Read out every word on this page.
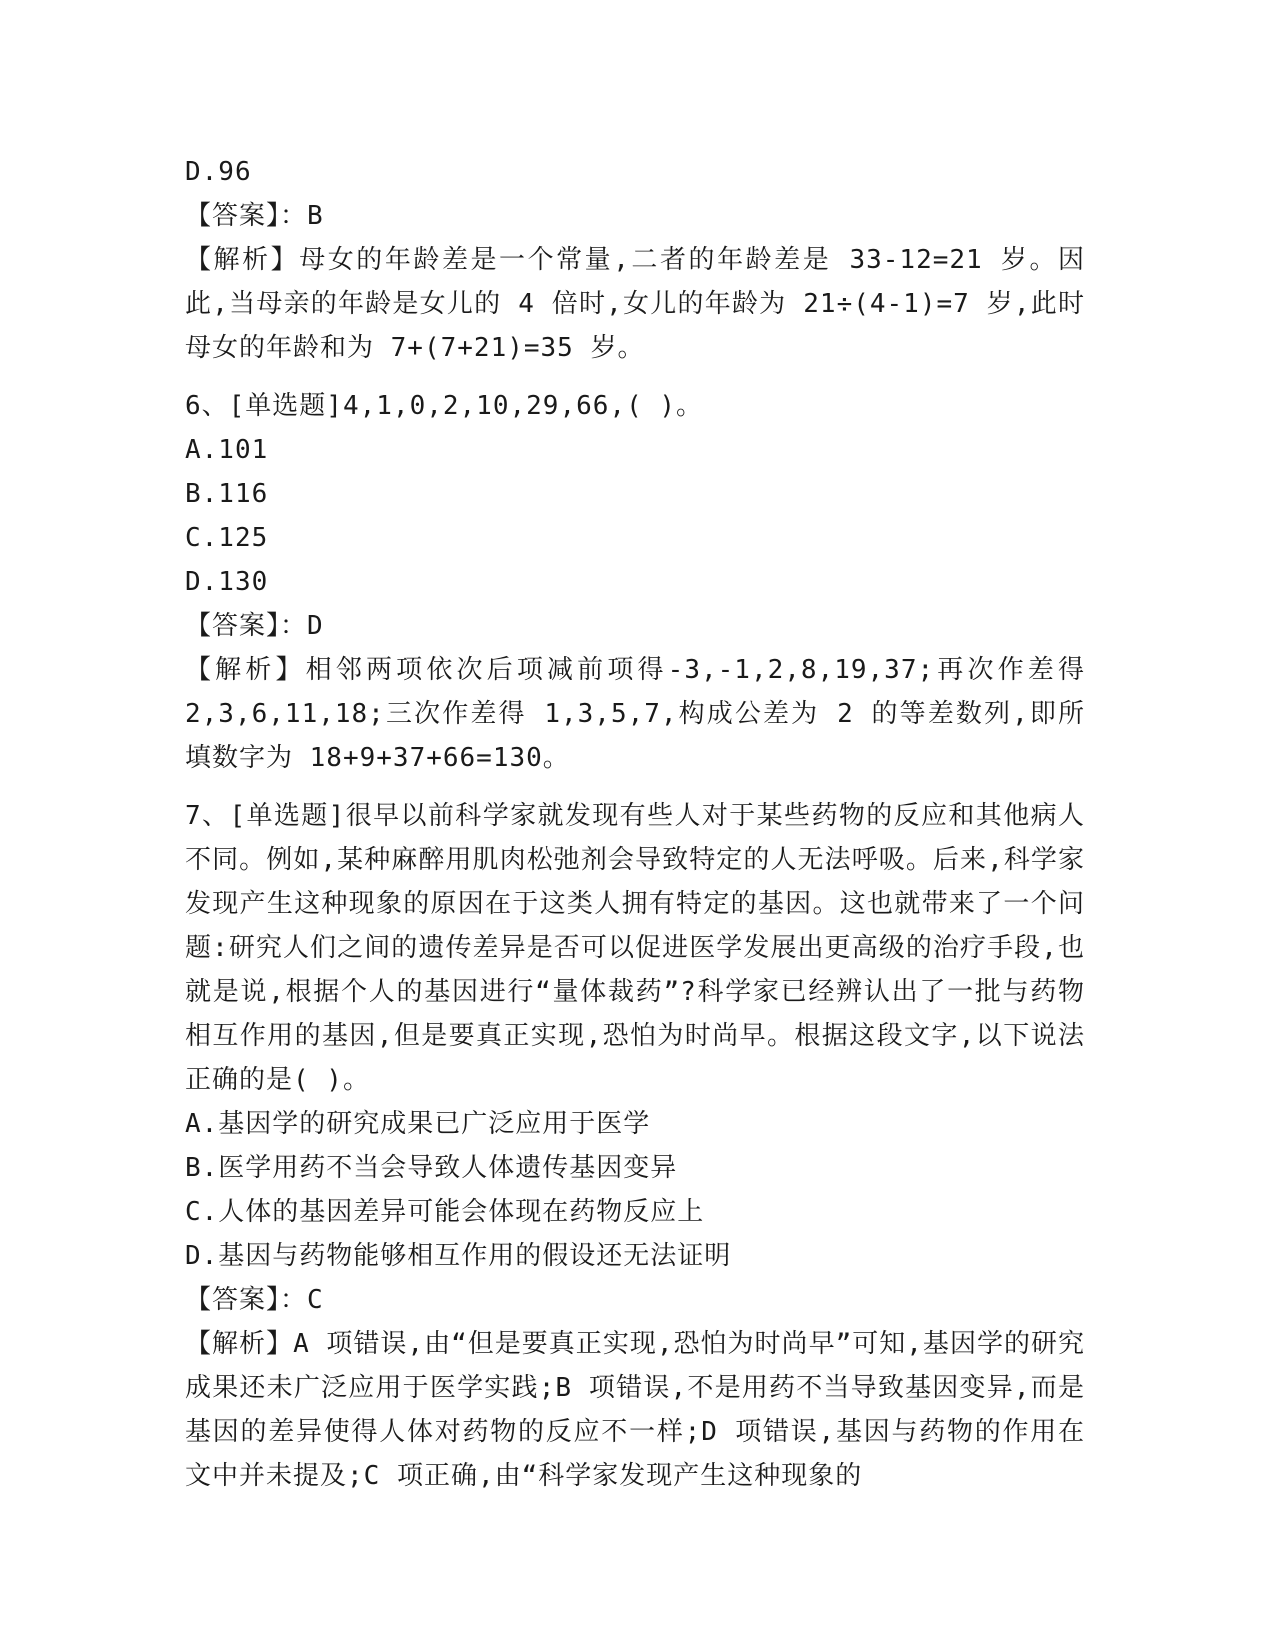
D.96
【答案】：B
【解析】母女的年龄差是一个常量,二者的年龄差是 33-12=21 岁。因此,当母亲的年龄是女儿的 4 倍时,女儿的年龄为 21÷(4-1)=7 岁,此时母女的年龄和为 7+(7+21)=35 岁。
6、[单选题]4,1,0,2,10,29,66,( )。
A.101
B.116
C.125
D.130
【答案】：D
【解析】相邻两项依次后项减前项得-3,-1,2,8,19,37;再次作差得 2,3,6,11,18;三次作差得 1,3,5,7,构成公差为 2 的等差数列,即所填数字为 18+9+37+66=130。
7、[单选题]很早以前科学家就发现有些人对于某些药物的反应和其他病人不同。例如,某种麻醉用肌肉松弛剂会导致特定的人无法呼吸。后来,科学家发现产生这种现象的原因在于这类人拥有特定的基因。这也就带来了一个问题:研究人们之间的遗传差异是否可以促进医学发展出更高级的治疗手段,也就是说,根据个人的基因进行“量体裁药”?科学家已经辨认出了一批与药物相互作用的基因,但是要真正实现,恐怕为时尚早。根据这段文字,以下说法正确的是( )。
A.基因学的研究成果已广泛应用于医学
B.医学用药不当会导致人体遗传基因变异
C.人体的基因差异可能会体现在药物反应上
D.基因与药物能够相互作用的假设还无法证明
【答案】：C
【解析】A 项错误,由“但是要真正实现,恐怕为时尚早”可知,基因学的研究成果还未广泛应用于医学实践;B 项错误,不是用药不当导致基因变异,而是基因的差异使得人体对药物的反应不一样;D 项错误,基因与药物的作用在文中并未提及;C 项正确,由“科学家发现产生这种现象的
